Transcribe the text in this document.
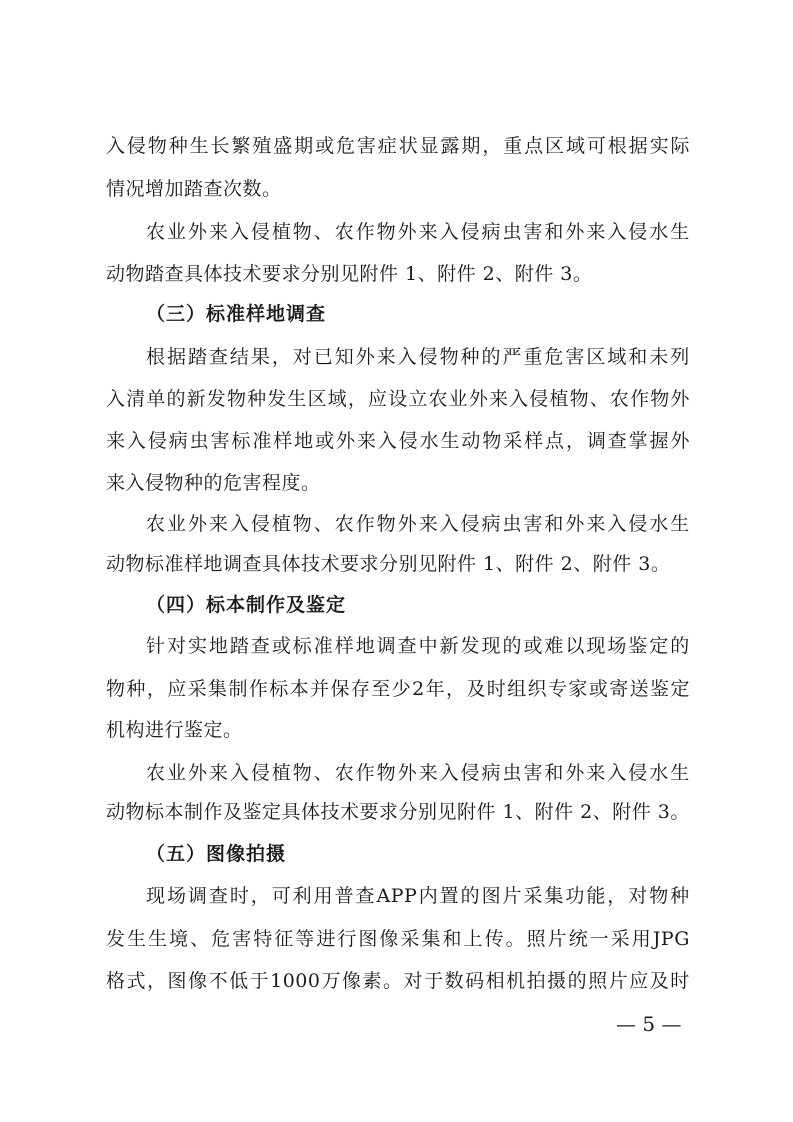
入 侵 物 种 生 长 繁 殖 盛 期 或 危 害 症 状 显 露 期 ， 重 点 区 域 可 根 据 实 际
情况增加踏查次数。
农 业 外 来 入 侵 植 物 、 农 作 物 外 来 入 侵 病 虫 害 和 外 来 入 侵 水 生
动物踏查具体技术要求分别见附件 1、附件 2、附件 3。
（三）标准样地调查
根 据 踏 查 结 果 ， 对 已 知 外 来 入 侵 物 种 的 严 重 危 害 区 域 和 未 列
入 清 单 的 新 发 物 种 发 生 区 域 ， 应 设 立 农 业 外 来 入 侵 植 物 、 农 作 物 外
来 入 侵 病 虫 害 标 准 样 地 或 外 来 入 侵 水 生 动 物 采 样 点 ， 调 查 掌 握 外
来入侵物种的危害程度。
农 业 外 来 入 侵 植 物 、 农 作 物 外 来 入 侵 病 虫 害 和 外 来 入 侵 水 生
动物标准样地调查具体技术要求分别见附件 1、附件 2、附件 3。
（四）标本制作及鉴定
针 对 实 地 踏 查 或 标 准 样 地 调 查 中 新 发 现 的 或 难 以 现 场 鉴 定 的
物 种 ， 应 采 集 制 作 标 本 并 保 存 至 少 2 年 ， 及 时 组 织 专 家 或 寄 送 鉴 定
机构进行鉴定。
农 业 外 来 入 侵 植 物 、 农 作 物 外 来 入 侵 病 虫 害 和 外 来 入 侵 水 生
动物标本制作及鉴定具体技术要求分别见附件 1、附件 2、附件 3。
（五）图像拍摄
现 场 调 查 时 ， 可 利 用 普 查 APP 内 置 的 图 片 采 集 功 能 ， 对 物 种
发 生 生 境 、 危 害 特 征 等 进 行 图 像 采 集 和 上 传 。 照 片 统 一 采 用 JPG
格 式 ， 图 像 不 低 于 1000 万 像 素 。 对 于 数 码 相 机 拍 摄 的 照 片 应 及 时
— 5 —
